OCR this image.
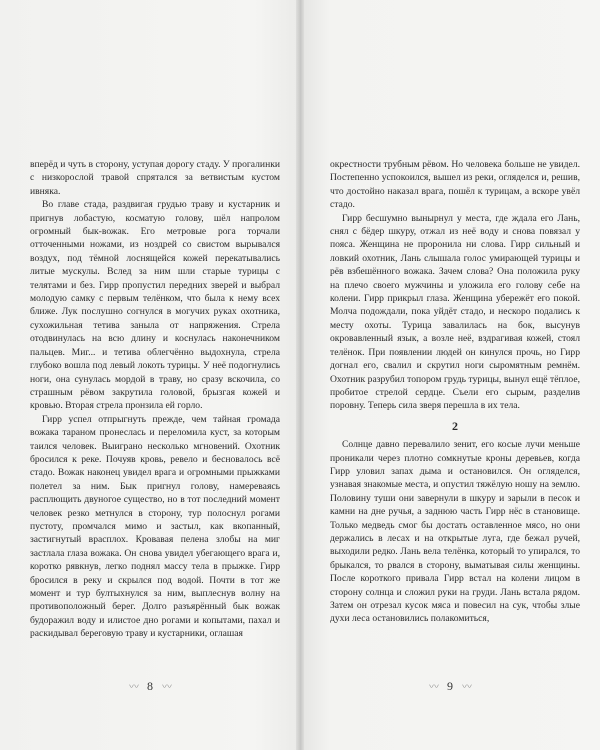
вперёд и чуть в сторону, уступая дорогу стаду. У прогалинки с низкорослой травой спрятался за ветвистым кустом ивняка.

Во главе стада, раздвигая грудью траву и кустарник и пригнув лобастую, косматую голову, шёл напролом огромный бык-вожак. Его метровые рога торчали отточенными ножами, из ноздрей со свистом вырывался воздух, под тёмной лоснящейся кожей перекатывались литые мускулы. Вслед за ним шли старые турицы с телятами и без. Гирр пропустил передних зверей и выбрал молодую самку с первым телёнком, что была к нему всех ближе. Лук послушно согнулся в могучих руках охотника, сухожильная тетива заныла от напряжения. Стрела отодвинулась на всю длину и коснулась наконечником пальцев. Миг... и тетива облегчённо выдохнула, стрела глубоко вошла под левый локоть турицы. У неё подогнулись ноги, она сунулась мордой в траву, но сразу вскочила, со страшным рёвом закрутила головой, брызгая кожей и кровью. Вторая стрела пронзила ей горло.

Гирр успел отпрыгнуть прежде, чем тайная громада вожака тараном пронеслась и переломила куст, за которым таился человек. Выиграно несколько мгновений. Охотник бросился к реке. Почуяв кровь, ревело и бесновалось всё стадо. Вожак наконец увидел врага и огромными прыжками полетел за ним. Бык пригнул голову, намереваясь расплющить двуногое существо, но в тот последний момент человек резко метнулся в сторону, тур полоснул рогами пустоту, промчался мимо и застыл, как вкопанный, застигнутый врасплох. Кровавая пелена злобы на миг застлала глаза вожака. Он снова увидел убегающего врага и, коротко рявкнув, легко поднял массу тела в прыжке. Гирр бросился в реку и скрылся под водой. Почти в тот же момент и тур бултыхнулся за ним, выплеснув волну на противоположный берег. Долго разъярённый бык вожак будоражил воду и илистое дно рогами и копытами, пахал и раскидывал береговую траву и кустарники, оглашая

〰 8 〰

окрестности трубным рёвом. Но человека больше не увидел. Постепенно успокоился, вышел из реки, огляделся и, решив, что достойно наказал врага, пошёл к турицам, а вскоре увёл стадо.

Гирр бесшумно вынырнул у места, где ждала его Лань, снял с бёдер шкуру, отжал из неё воду и снова повязал у пояса. Женщина не проронила ни слова. Гирр сильный и ловкий охотник, Лань слышала голос умирающей турицы и рёв взбешённого вожака. Зачем слова? Она положила руку на плечо своего мужчины и уложила его голову себе на колени. Гирр прикрыл глаза. Женщина убережёт его покой. Молча подождали, пока уйдёт стадо, и нескоро подались к месту охоты. Турица завалилась на бок, высунув окровавленный язык, а возле неё, вздрагивая кожей, стоял телёнок. При появлении людей он кинулся прочь, но Гирр догнал его, свалил и скрутил ноги сыромятным ремнём. Охотник разрубил топором грудь турицы, вынул ещё тёплое, пробитое стрелой сердце. Съели его сырым, разделив поровну. Теперь сила зверя перешла в их тела.

2

Солнце давно перевалило зенит, его косые лучи меньше проникали через плотно сомкнутые кроны деревьев, когда Гирр уловил запах дыма и остановился. Он огляделся, узнавая знакомые места, и опустил тяжёлую ношу на землю. Половину туши они завернули в шкуру и зарыли в песок и камни на дне ручья, а заднюю часть Гирр нёс в становище. Только медведь смог бы достать оставленное мясо, но они держались в лесах и на открытые луга, где бежал ручей, выходили редко. Лань вела телёнка, который то упирался, то брыкался, то рвался в сторону, выматывая силы женщины. После короткого привала Гирр встал на колени лицом в сторону солнца и сложил руки на груди. Лань встала рядом. Затем он отрезал кусок мяса и повесил на сук, чтобы злые духи леса остановились полакомиться,

〰 9 〰
